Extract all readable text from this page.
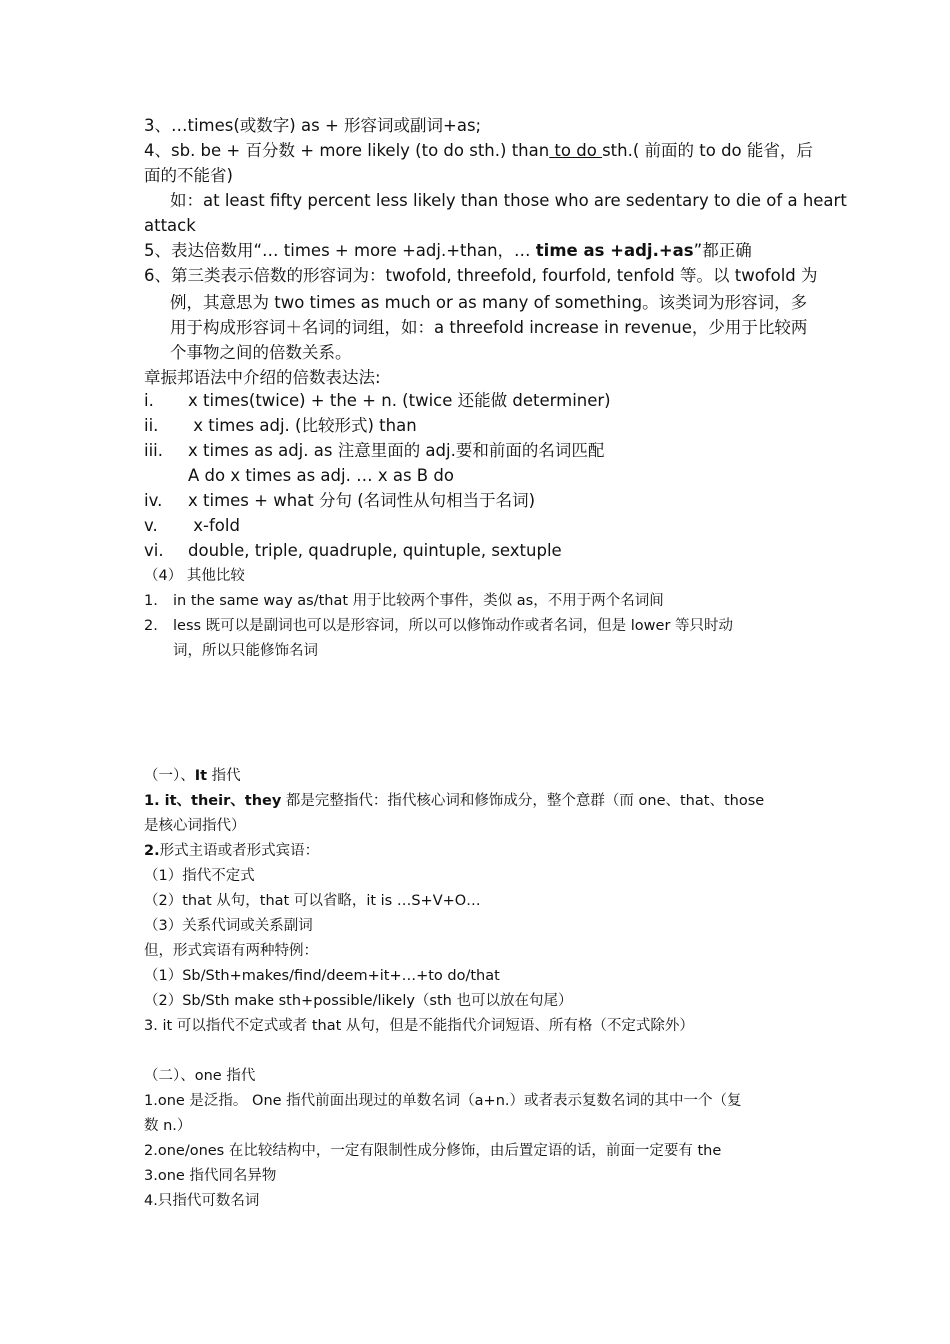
3、…times(或数字) as + 形容词或副词+as;
4、sb. be + 百分数 + more likely (to do sth.) than to do sth.( 前面的 to do 能省，后
面的不能省)
如：at least fifty percent less likely than those who are sedentary to die of a heart
attack
5、表达倍数用“… times + more +adj.+than，… time as +adj.+as”都正确
6、第三类表示倍数的形容词为：twofold, threefold, fourfold, tenfold 等。以 twofold 为
例，其意思为 two times as much or as many of something。该类词为形容词，多
用于构成形容词＋名词的词组，如：a threefold increase in revenue，少用于比较两
个事物之间的倍数关系。
章振邦语法中介绍的倍数表达法:
i. x times(twice) + the + n. (twice 还能做 determiner)
ii. x times adj. (比较形式) than
iii. x times as adj. as 注意里面的 adj.要和前面的名词匹配
A do x times as adj. … x as B do
iv. x times + what 分句 (名词性从句相当于名词)
v. x-fold
vi. double, triple, quadruple, quintuple, sextuple
（4） 其他比较
1. in the same way as/that 用于比较两个事件，类似 as，不用于两个名词间
2. less 既可以是副词也可以是形容词，所以可以修饰动作或者名词，但是 lower 等只时动
词，所以只能修饰名词
（一）、It 指代
1. it、their、they 都是完整指代：指代核心词和修饰成分，整个意群（而 one、that、those
是核心词指代）
2.形式主语或者形式宾语：
（1）指代不定式
（2）that 从句，that 可以省略，it is …S+V+O…
（3）关系代词或关系副词
但，形式宾语有两种特例：
（1）Sb/Sth+makes/find/deem+it+…+to do/that
（2）Sb/Sth make sth+possible/likely（sth 也可以放在句尾）
3. it 可以指代不定式或者 that 从句，但是不能指代介词短语、所有格（不定式除外）
（二）、one 指代
1.one 是泛指。 One 指代前面出现过的单数名词（a+n.）或者表示复数名词的其中一个（复
数 n.）
2.one/ones 在比较结构中，一定有限制性成分修饰，由后置定语的话，前面一定要有 the
3.one 指代同名异物
4.只指代可数名词
